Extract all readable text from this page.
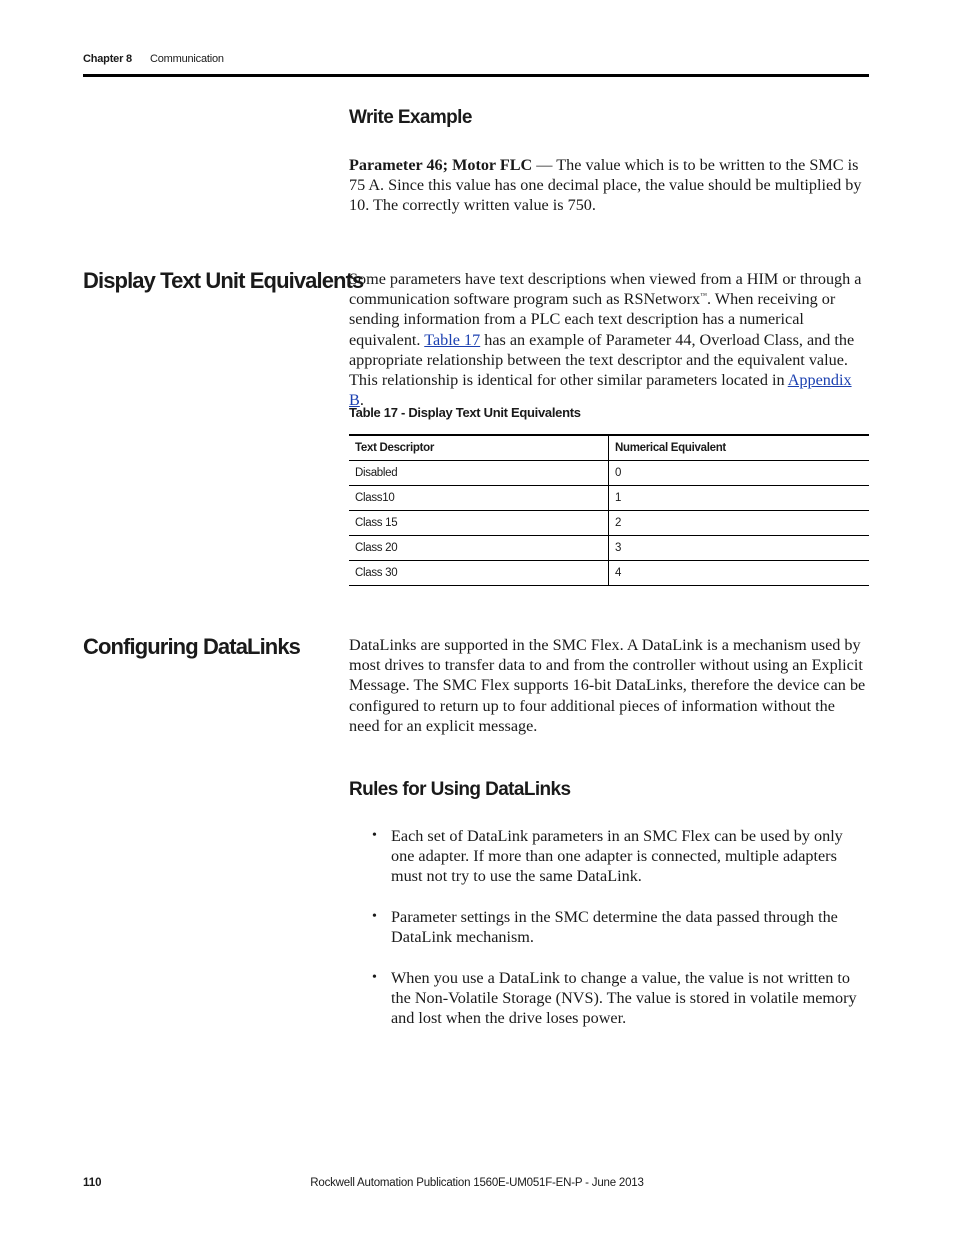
Chapter 8 Communication
Write Example
Parameter 46; Motor FLC — The value which is to be written to the SMC is 75 A. Since this value has one decimal place, the value should be multiplied by 10. The correctly written value is 750.
Display Text Unit Equivalents
Some parameters have text descriptions when viewed from a HIM or through a communication software program such as RSNetworx™. When receiving or sending information from a PLC each text description has a numerical equivalent. Table 17 has an example of Parameter 44, Overload Class, and the appropriate relationship between the text descriptor and the equivalent value. This relationship is identical for other similar parameters located in Appendix B.
Table 17 - Display Text Unit Equivalents
Text Descriptor	Numerical Equivalent
Disabled	0
Class10	1
Class 15	2
Class 20	3
Class 30	4
Configuring DataLinks	DataLinks are supported in the SMC Flex. A DataLink is a mechanism used by most drives to transfer data to and from the controller without using an Explicit Message. The SMC Flex supports 16-bit DataLinks, therefore the device can be configured to return up to four additional pieces of information without the need for an explicit message.
Rules for Using DataLinks
• Each set of DataLink parameters in an SMC Flex can be used by only one adapter. If more than one adapter is connected, multiple adapters must not try to use the same DataLink.
• Parameter settings in the SMC determine the data passed through the DataLink mechanism.
• When you use a DataLink to change a value, the value is not written to the Non-Volatile Storage (NVS). The value is stored in volatile memory and lost when the drive loses power.
Rockwell Automation Publication 1560E-UM051F-EN-P - June 2013
110
